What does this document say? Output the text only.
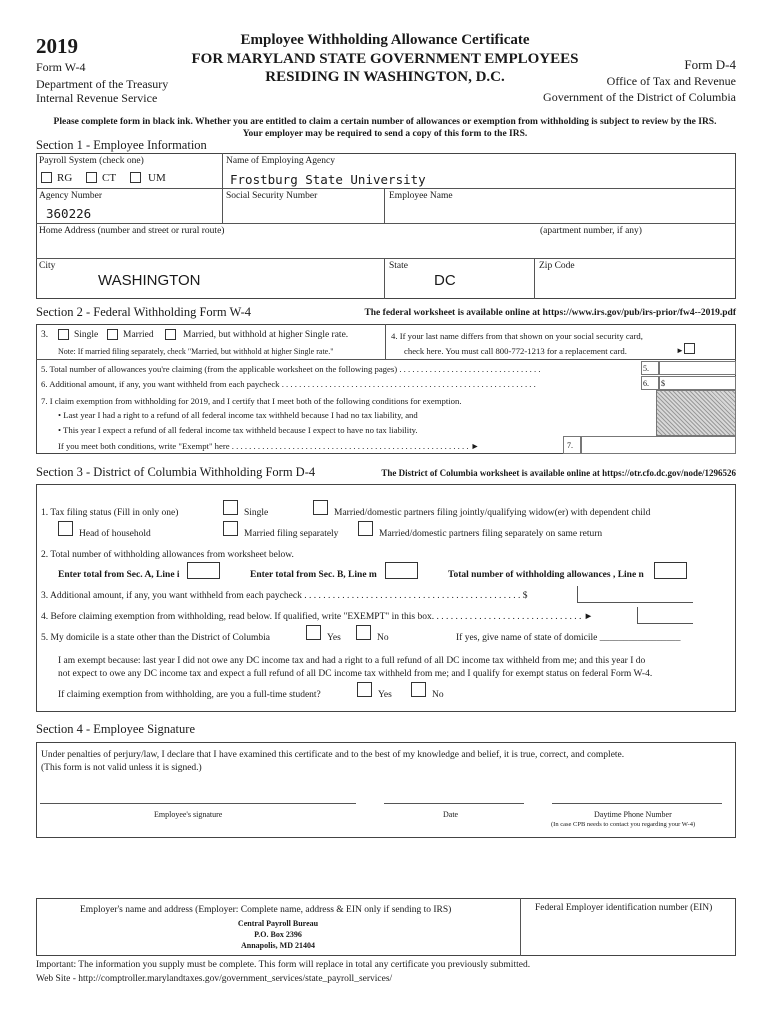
2019
Form W-4
Department of the Treasury
Internal Revenue Service
Employee Withholding Allowance Certificate
FOR MARYLAND STATE GOVERNMENT EMPLOYEES
RESIDING IN WASHINGTON, D.C.
Form D-4
Office of Tax and Revenue
Government of the District of Columbia
Please complete form in black ink. Whether you are entitled to claim a certain number of allowances or exemption from withholding is subject to review by the IRS.
Your employer may be required to send a copy of this form to the IRS.
Section 1 - Employee Information
Payroll System (check one)
RG	CT	UM
Name of Employing Agency
Frostburg State University
Agency Number
360226
Social Security Number	Employee Name
Home Address (number and street or rural route)	(apartment number, if any)
City
WASHINGTON
State
DC
Zip Code
Section 2 - Federal Withholding Form W-4	The federal worksheet is available online at https://www.irs.gov/pub/irs-prior/fw4--2019.pdf
3.	Single	Married	Married, but withhold at higher Single rate.
Note: If married filing separately, check "Married, but withhold at higher Single rate."
4. If your last name differs from that shown on your social security card,
check here. You must call 800-772-1213 for a replacement card.	►
5. Total number of allowances you're claiming (from the applicable worksheet on the following pages) . . . . . . . . . . . . . . . . . . . . . . . . . . . . . . . . .	5.
6. Additional amount, if any, you want withheld from each paycheck . . . . . . . . . . . . . . . . . . . . . . . . . . . . . . . . . . . . . . . . . . . . . . . . . . . . . . . . . . .	6. $
7. I claim exemption from withholding for 2019, and I certify that I meet both of the following conditions for exemption.
• Last year I had a right to a refund of all federal income tax withheld because I had no tax liability, and
• This year I expect a refund of all federal income tax withheld because I expect to have no tax liability.
If you meet both conditions, write "Exempt" here . . . . . . . . . . . . . . . . . . . . . . . . . . . . . . . . . . . . . . . . . . . . . . . . . . . . . . . ►	7.
Section 3 - District of Columbia Withholding Form D-4	The District of Columbia worksheet is available online at https://otr.cfo.dc.gov/node/1296526
1. Tax filing status (Fill in only one)	Single	Married/domestic partners filing jointly/qualifying widow(er) with dependent child
Head of household	Married filing separately	Married/domestic partners filing separately on same return
2. Total number of withholding allowances from worksheet below.
Enter total from Sec. A, Line i	Enter total from Sec. B, Line m	Total number of withholding allowances , Line n
3. Additional amount, if any, you want withheld from each paycheck . . . . . . . . . . . . . . . . . . . . . . . . . . . . . . . . . . . . . . . . . . . . . . $
4. Before claiming exemption from withholding, read below. If qualified, write "EXEMPT" in this box. . . . . . . . . . . . . . . . . . . . . . . . . . . . . . . . ►
5. My domicile is a state other than the District of Columbia	Yes	No	If yes, give name of state of domicile _________________
I am exempt because: last year I did not owe any DC income tax and had a right to a full refund of all DC income tax withheld from me; and this year I do
not expect to owe any DC income tax and expect a full refund of all DC income tax withheld from me; and I qualify for exempt status on federal Form W-4.
If claiming exemption from withholding, are you a full-time student?	Yes	No
Section 4 - Employee Signature
Under penalties of perjury/law, I declare that I have examined this certificate and to the best of my knowledge and belief, it is true, correct, and complete.
(This form is not valid unless it is signed.)
Employee's signature	Date	Daytime Phone Number
(In case CPB needs to contact you regarding your W-4)
Employer's name and address (Employer: Complete name, address & EIN only if sending to IRS)
Central Payroll Bureau
P.O. Box 2396
Annapolis, MD 21404
Federal Employer identification number (EIN)
Important: The information you supply must be complete. This form will replace in total any certificate you previously submitted.
Web Site - http://comptroller.marylandtaxes.gov/government_services/state_payroll_services/
